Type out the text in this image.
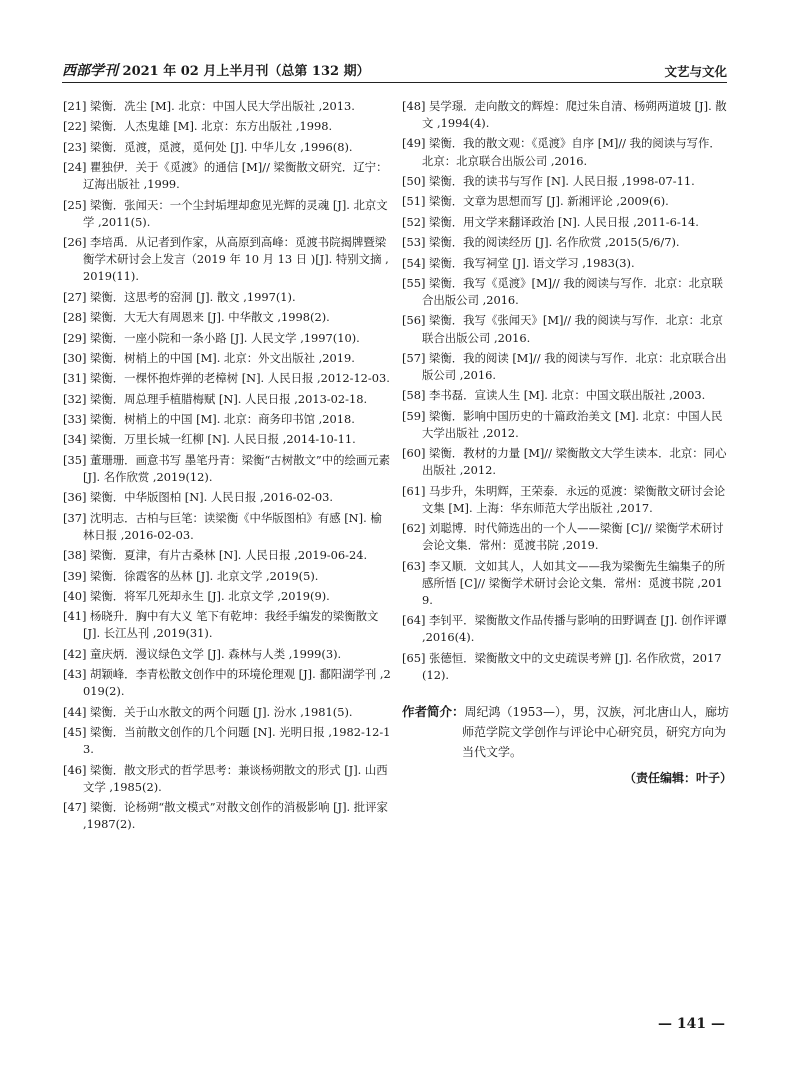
西部学刊 2021 年 02 月上半月刊（总第 132 期）	文艺与文化

[21] 梁衡．冼尘 [M]. 北京：中国人民大学出版社 ,2013.

[22] 梁衡．人杰鬼雄 [M]. 北京：东方出版社 ,1998.

[23] 梁衡．觅渡，觅渡，觅何处 [J]. 中华儿女 ,1996(8).

[24] 瞿独伊．关于《觅渡》的通信 [M]// 梁衡散文研究．辽宁：辽海出版社 ,1999.

[25] 梁衡．张闻天：一个尘封垢埋却愈见光辉的灵魂 [J]. 北京文学 ,2011(5).

[26] 李培禹．从记者到作家，从高原到高峰：觅渡书院揭牌暨梁衡学术研讨会上发言（2019 年 10 月 13 日 )[J]. 特别文摘 ,2019(11).

[27] 梁衡．这思考的窑洞 [J]. 散文 ,1997(1).

[28] 梁衡．大无大有周恩来 [J]. 中华散文 ,1998(2).

[29] 梁衡．一座小院和一条小路 [J]. 人民文学 ,1997(10).

[30] 梁衡．树梢上的中国 [M]. 北京：外文出版社 ,2019.

[31] 梁衡．一棵怀抱炸弹的老樟树 [N]. 人民日报 ,2012-12-03.

[32] 梁衡．周总理手植腊梅赋 [N]. 人民日报 ,2013-02-18.

[33] 梁衡．树梢上的中国 [M]. 北京：商务印书馆 ,2018.

[34] 梁衡．万里长城一红柳 [N]. 人民日报 ,2014-10-11.

[35] 董珊珊．画意书写 墨笔丹青：梁衡“古树散文”中的绘画元素 [J]. 名作欣赏 ,2019(12).

[36] 梁衡．中华版图柏 [N]. 人民日报 ,2016-02-03.

[37] 沈明志．古柏与巨笔：读梁衡《中华版图柏》有感 [N]. 榆林日报 ,2016-02-03.

[38] 梁衡．夏津，有片古桑林 [N]. 人民日报 ,2019-06-24.

[39] 梁衡．徐霞客的丛林 [J]. 北京文学 ,2019(5).

[40] 梁衡．将军几死却永生 [J]. 北京文学 ,2019(9).

[41] 杨晓升．胸中有大义 笔下有乾坤：我经手编发的梁衡散文 [J]. 长江丛刊 ,2019(31).

[42] 童庆炳．漫议绿色文学 [J]. 森林与人类 ,1999(3).

[43] 胡颖峰．李青松散文创作中的环境伦理观 [J]. 鄱阳湖学刊 ,2019(2).

[44] 梁衡．关于山水散文的两个问题 [J]. 汾水 ,1981(5).

[45] 梁衡．当前散文创作的几个问题 [N]. 光明日报 ,1982-12-13.

[46] 梁衡．散文形式的哲学思考：兼谈杨朔散文的形式 [J]. 山西文学 ,1985(2).

[47] 梁衡．论杨朔“散文模式”对散文创作的消极影响 [J]. 批评家 ,1987(2).

[48] 吴学璟．走向散文的辉煌：爬过朱自清、杨朔两道坡 [J]. 散文 ,1994(4).

[49] 梁衡．我的散文观：《觅渡》自序 [M]// 我的阅读与写作．北京：北京联合出版公司 ,2016.

[50] 梁衡．我的读书与写作 [N]. 人民日报 ,1998-07-11.

[51] 梁衡．文章为思想而写 [J]. 新湘评论 ,2009(6).

[52] 梁衡．用文学来翻译政治 [N]. 人民日报 ,2011-6-14.

[53] 梁衡．我的阅读经历 [J]. 名作欣赏 ,2015(5/6/7).

[54] 梁衡．我写祠堂 [J]. 语文学习 ,1983(3).

[55] 梁衡．我写《觅渡》[M]// 我的阅读与写作．北京：北京联合出版公司 ,2016.

[56] 梁衡．我写《张闻天》[M]// 我的阅读与写作．北京：北京联合出版公司 ,2016.

[57] 梁衡．我的阅读 [M]// 我的阅读与写作．北京：北京联合出版公司 ,2016.

[58] 李书磊．宣读人生 [M]. 北京：中国文联出版社 ,2003.

[59] 梁衡．影响中国历史的十篇政治美文 [M]. 北京：中国人民大学出版社 ,2012.

[60] 梁衡．教材的力量 [M]// 梁衡散文大学生读本．北京：同心出版社 ,2012.

[61] 马步升，朱明辉，王荣泰．永远的觅渡：梁衡散文研讨会论文集 [M]. 上海：华东师范大学出版社 ,2017.

[62] 刘聪博．时代筛选出的一个人——梁衡 [C]// 梁衡学术研讨会论文集．常州：觅渡书院 ,2019.

[63] 李又顺．文如其人，人如其文——我为梁衡先生编集子的所感所悟 [C]// 梁衡学术研讨会论文集．常州：觅渡书院 ,2019.

[64] 李钊平．梁衡散文作品传播与影响的田野调查 [J]. 创作评谭 ,2016(4).

[65] 张德恒．梁衡散文中的文史疏误考辨 [J]. 名作欣赏，2017(12).

作者简介：周纪鸿（1953—），男，汉族，河北唐山人，廊坊师范学院文学创作与评论中心研究员，研究方向为当代文学。
（责任编辑：叶子）
— 141 —
